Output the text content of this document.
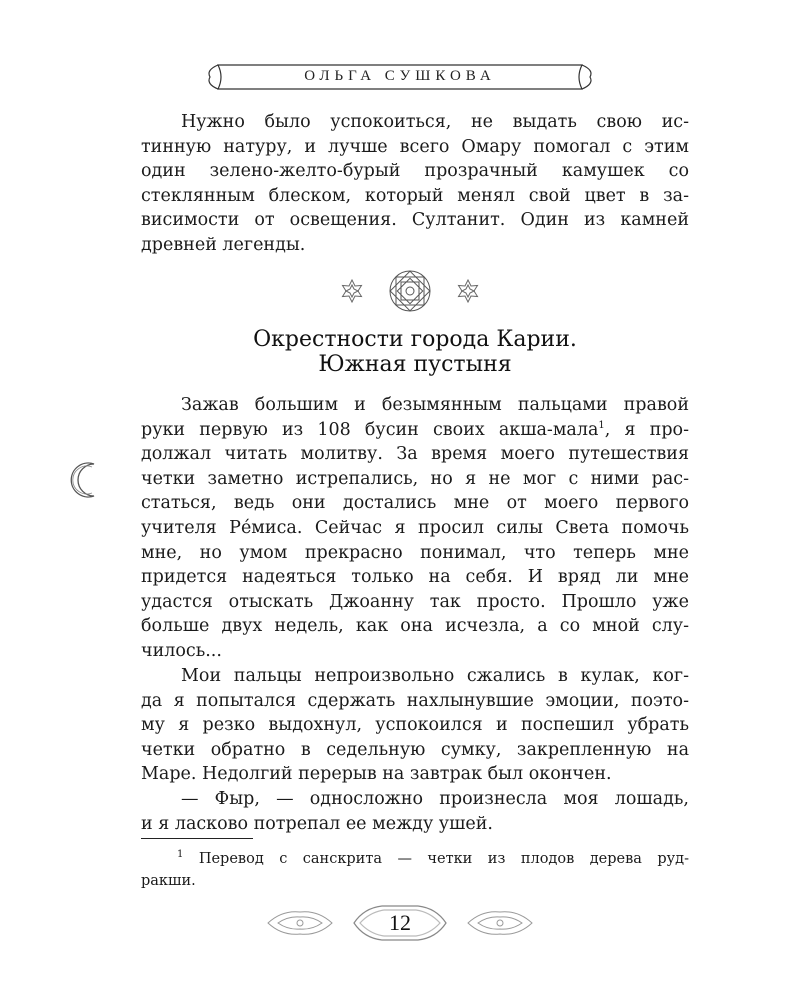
ОЛЬГА СУШКОВА
Нужно было успокоиться, не выдать свою ис-
тинную натуру, и лучше всего Омару помогал с этим
один зелено-желто-бурый прозрачный камушек со
стеклянным блеском, который менял свой цвет в за-
висимости от освещения. Султанит. Один из камней
древней легенды.
Окрестности города Карии.
Южная пустыня
Зажав большим и безымянным пальцами правой
руки первую из 108 бусин своих акша-мала$^1$, я про-
должал читать молитву. За время моего путешествия
четки заметно истрепались, но я не мог с ними рас-
статься, ведь они достались мне от моего первого
учителя Рéмиса. Сейчас я просил силы Света помочь
мне, но умом прекрасно понимал, что теперь мне
придется надеяться только на себя. И вряд ли мне
удастся отыскать Джоанну так просто. Прошло уже
больше двух недель, как она исчезла, а со мной слу-
чилось...
Мои пальцы непроизвольно сжались в кулак, ког-
да я попытался сдержать нахлынувшие эмоции, поэто-
му я резко выдохнул, успокоился и поспешил убрать
четки обратно в седельную сумку, закрепленную на
Маре. Недолгий перерыв на завтрак был окончен.
— Фыр, — односложно произнесла моя лошадь,
и я ласково потрепал ее между ушей.
$^1$ Перевод с санскрита — четки из плодов дерева руд-
ракши.
12
